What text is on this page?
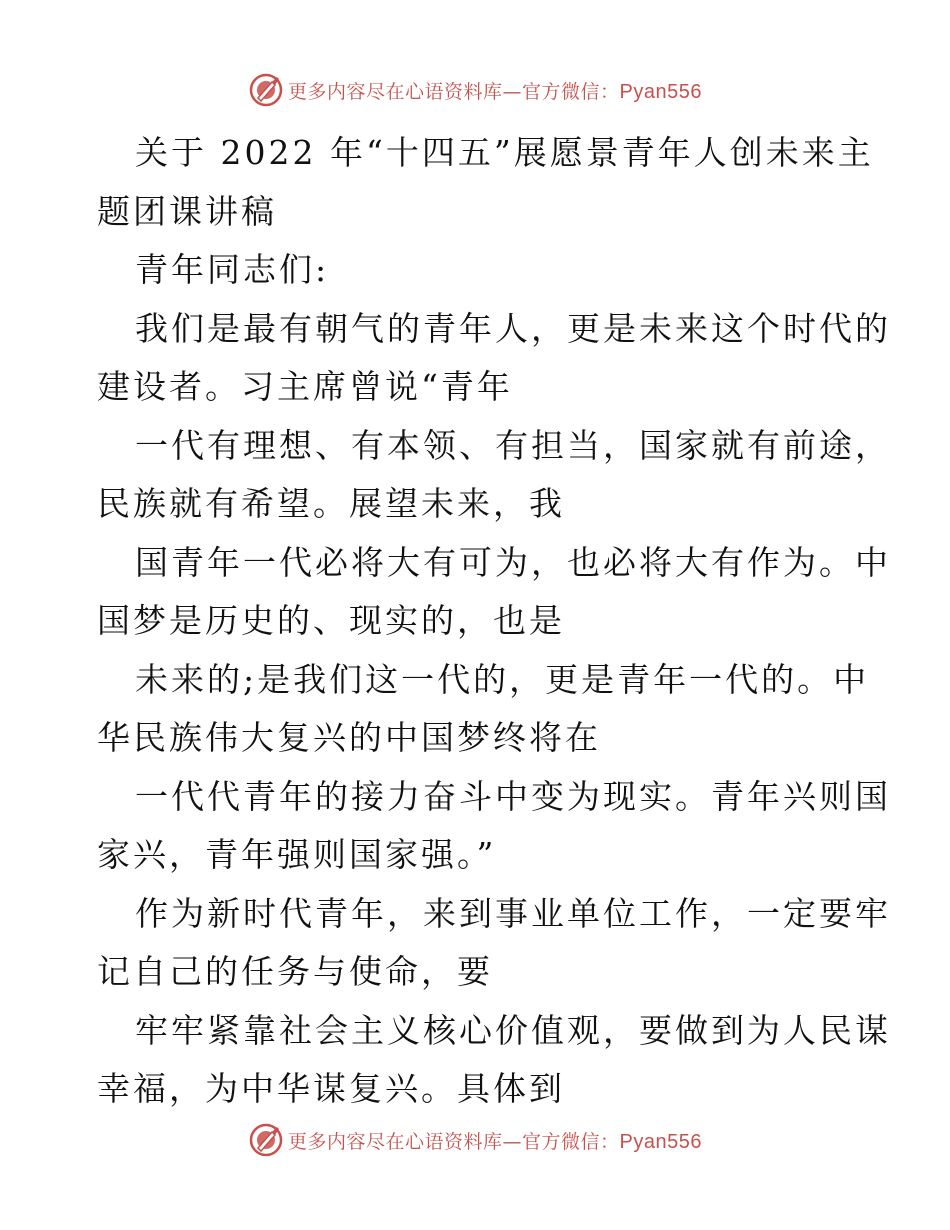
更多内容尽在心语资料库—官方微信：Pyan556
关于 2022 年“十四五”展愿景青年人创未来主
题团课讲稿
青年同志们:
我们是最有朝气的青年人，更是未来这个时代的
建设者。习主席曾说“青年
一代有理想、有本领、有担当，国家就有前途，
民族就有希望。展望未来，我
国青年一代必将大有可为，也必将大有作为。中
国梦是历史的、现实的，也是
未来的;是我们这一代的，更是青年一代的。中
华民族伟大复兴的中国梦终将在
一代代青年的接力奋斗中变为现实。青年兴则国
家兴，青年强则国家强。”
作为新时代青年，来到事业单位工作，一定要牢
记自己的任务与使命，要
牢牢紧靠社会主义核心价值观，要做到为人民谋
幸福，为中华谋复兴。具体到
更多内容尽在心语资料库—官方微信：Pyan556
